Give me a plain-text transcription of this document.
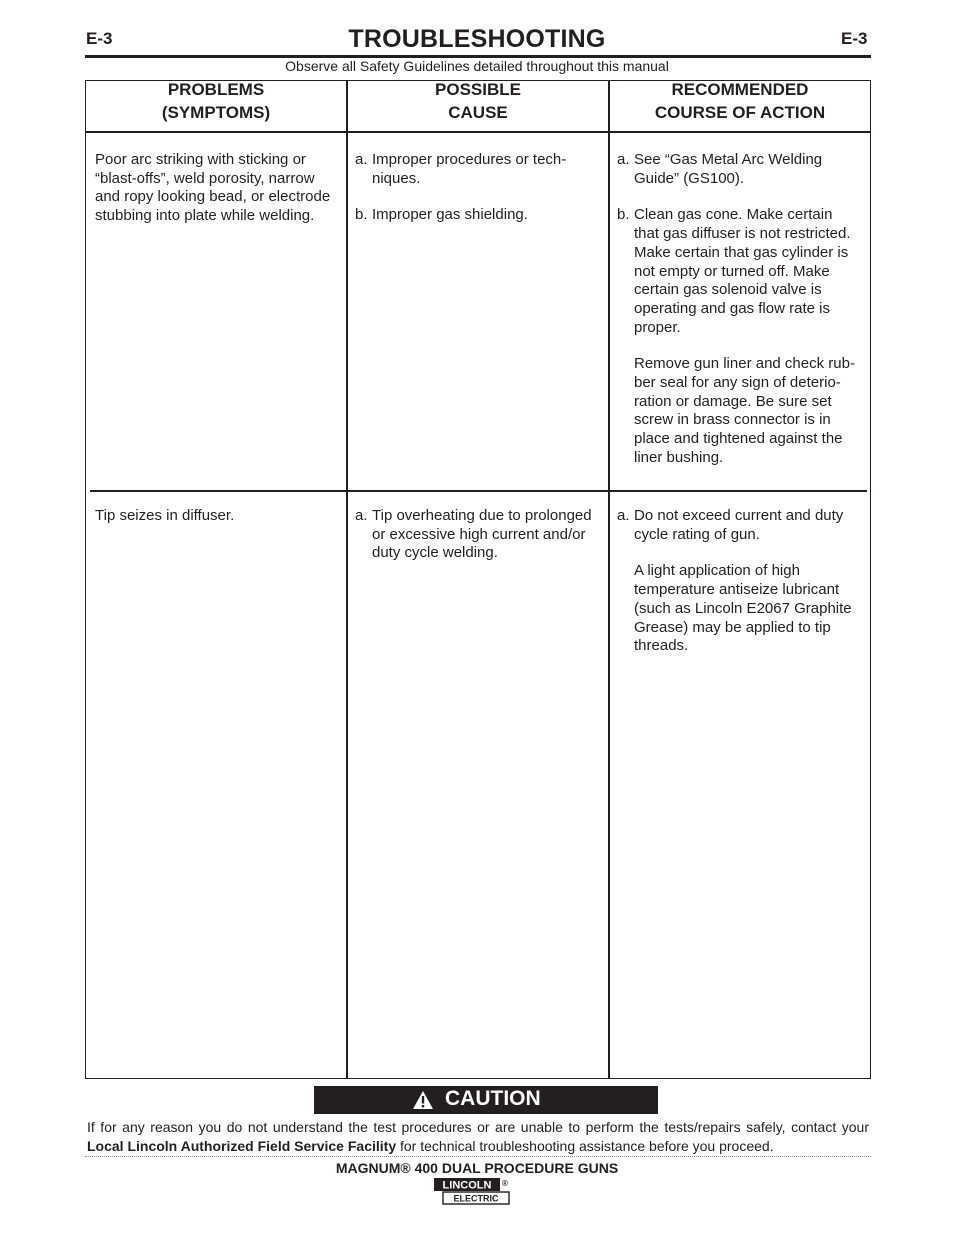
E-3	E-3
TROUBLESHOOTING
Observe all Safety Guidelines detailed throughout this manual
PROBLEMS
(SYMPTOMS)
POSSIBLE
CAUSE
RECOMMENDED
COURSE OF ACTION
Poor arc striking with sticking or
“blast-offs”, weld porosity, narrow
and ropy looking bead, or electrode
stubbing into plate while welding.
a. Improper procedures or tech-
niques.
b. Improper gas shielding.
a. See “Gas Metal Arc Welding
Guide” (GS100).
b. Clean gas cone. Make certain
that gas diffuser is not restricted.
Make certain that gas cylinder is
not empty or turned off. Make
certain gas solenoid valve is
operating and gas flow rate is
proper.
Remove gun liner and check rub-
ber seal for any sign of deterio-
ration or damage. Be sure set
screw in brass connector is in
place and tightened against the
liner bushing.
Tip seizes in diffuser.	a. Tip overheating due to prolonged
or excessive high current and/or
duty cycle welding.
a. Do not exceed current and duty
cycle rating of gun.
A light application of high
temperature antiseize lubricant
(such as Lincoln E2067 Graphite
Grease) may be applied to tip
threads.
CAUTION
If for any reason you do not understand the test procedures or are unable to perform the tests/repairs safely, contact your Local Lincoln Authorized Field Service Facility for technical troubleshooting assistance before you proceed.
MAGNUM® 400 DUAL PROCEDURE GUNS
LINCOLN ®
ELECTRIC
